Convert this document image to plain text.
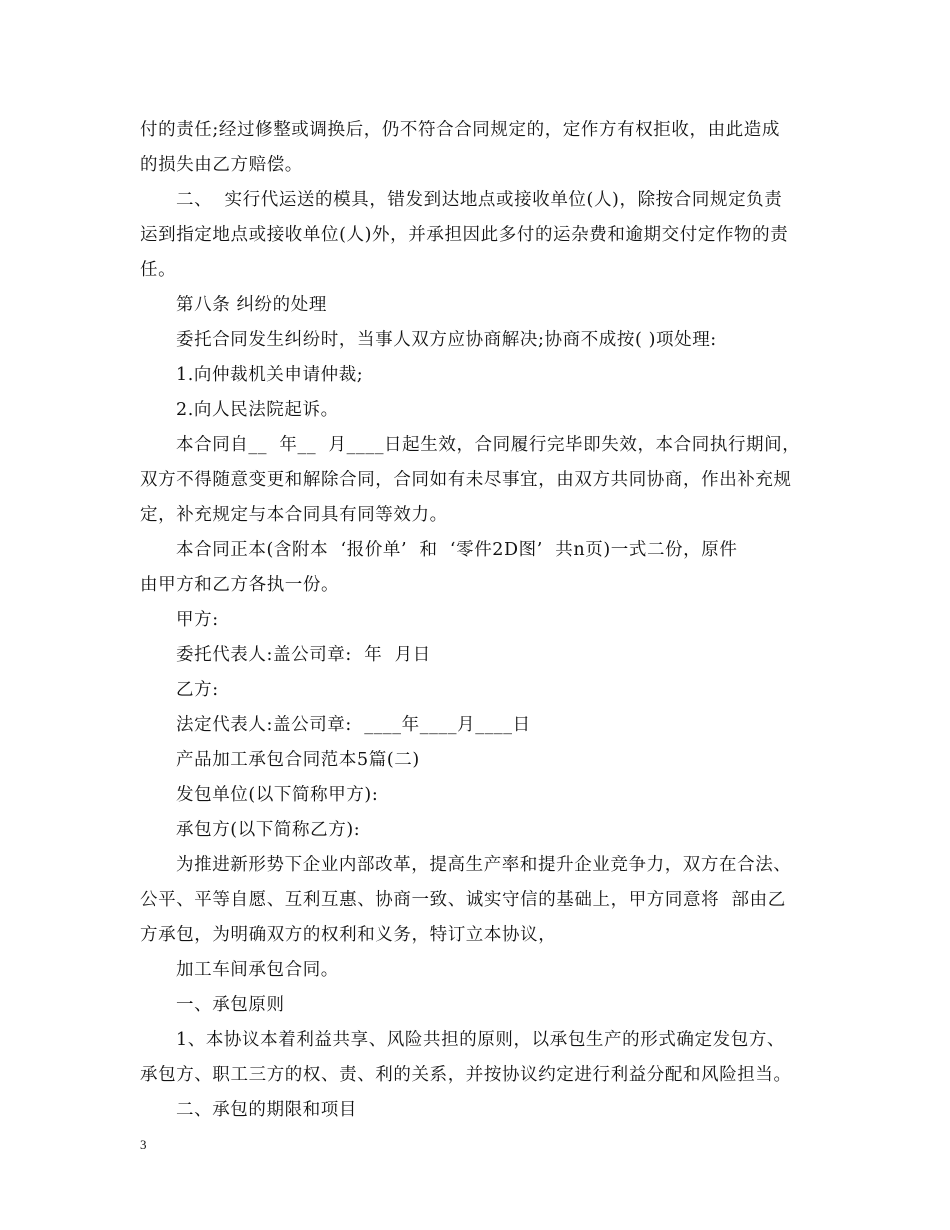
付的责任;经过修整或调换后，仍不符合合同规定的，定作方有权拒收，由此造成
的损失由乙方赔偿。
二、  实行代运送的模具，错发到达地点或接收单位(人)，除按合同规定负责
运到指定地点或接收单位(人)外，并承担因此多付的运杂费和逾期交付定作物的责
任。
第八条 纠纷的处理
委托合同发生纠纷时，当事人双方应协商解决;协商不成按( )项处理:
1.向仲裁机关申请仲裁;
2.向人民法院起诉。
本合同自__  年__  月____日起生效，合同履行完毕即失效，本合同执行期间，
双方不得随意变更和解除合同，合同如有未尽事宜，由双方共同协商，作出补充规
定，补充规定与本合同具有同等效力。
本合同正本(含附本  ‘报价单’  和  ‘零件2D图’  共n页)一式二份，原件
由甲方和乙方各执一份。
甲方:
委托代表人:盖公司章:  年  月日
乙方:
法定代表人:盖公司章:  ____年____月____日
产品加工承包合同范本5篇(二)
发包单位(以下简称甲方):
承包方(以下简称乙方):
为推进新形势下企业内部改革，提高生产率和提升企业竞争力，双方在合法、
公平、平等自愿、互利互惠、协商一致、诚实守信的基础上，甲方同意将  部由乙
方承包，为明确双方的权利和义务，特订立本协议，
加工车间承包合同。
一、承包原则
1、本协议本着利益共享、风险共担的原则，以承包生产的形式确定发包方、
承包方、职工三方的权、责、利的关系，并按协议约定进行利益分配和风险担当。
二、承包的期限和项目
3
